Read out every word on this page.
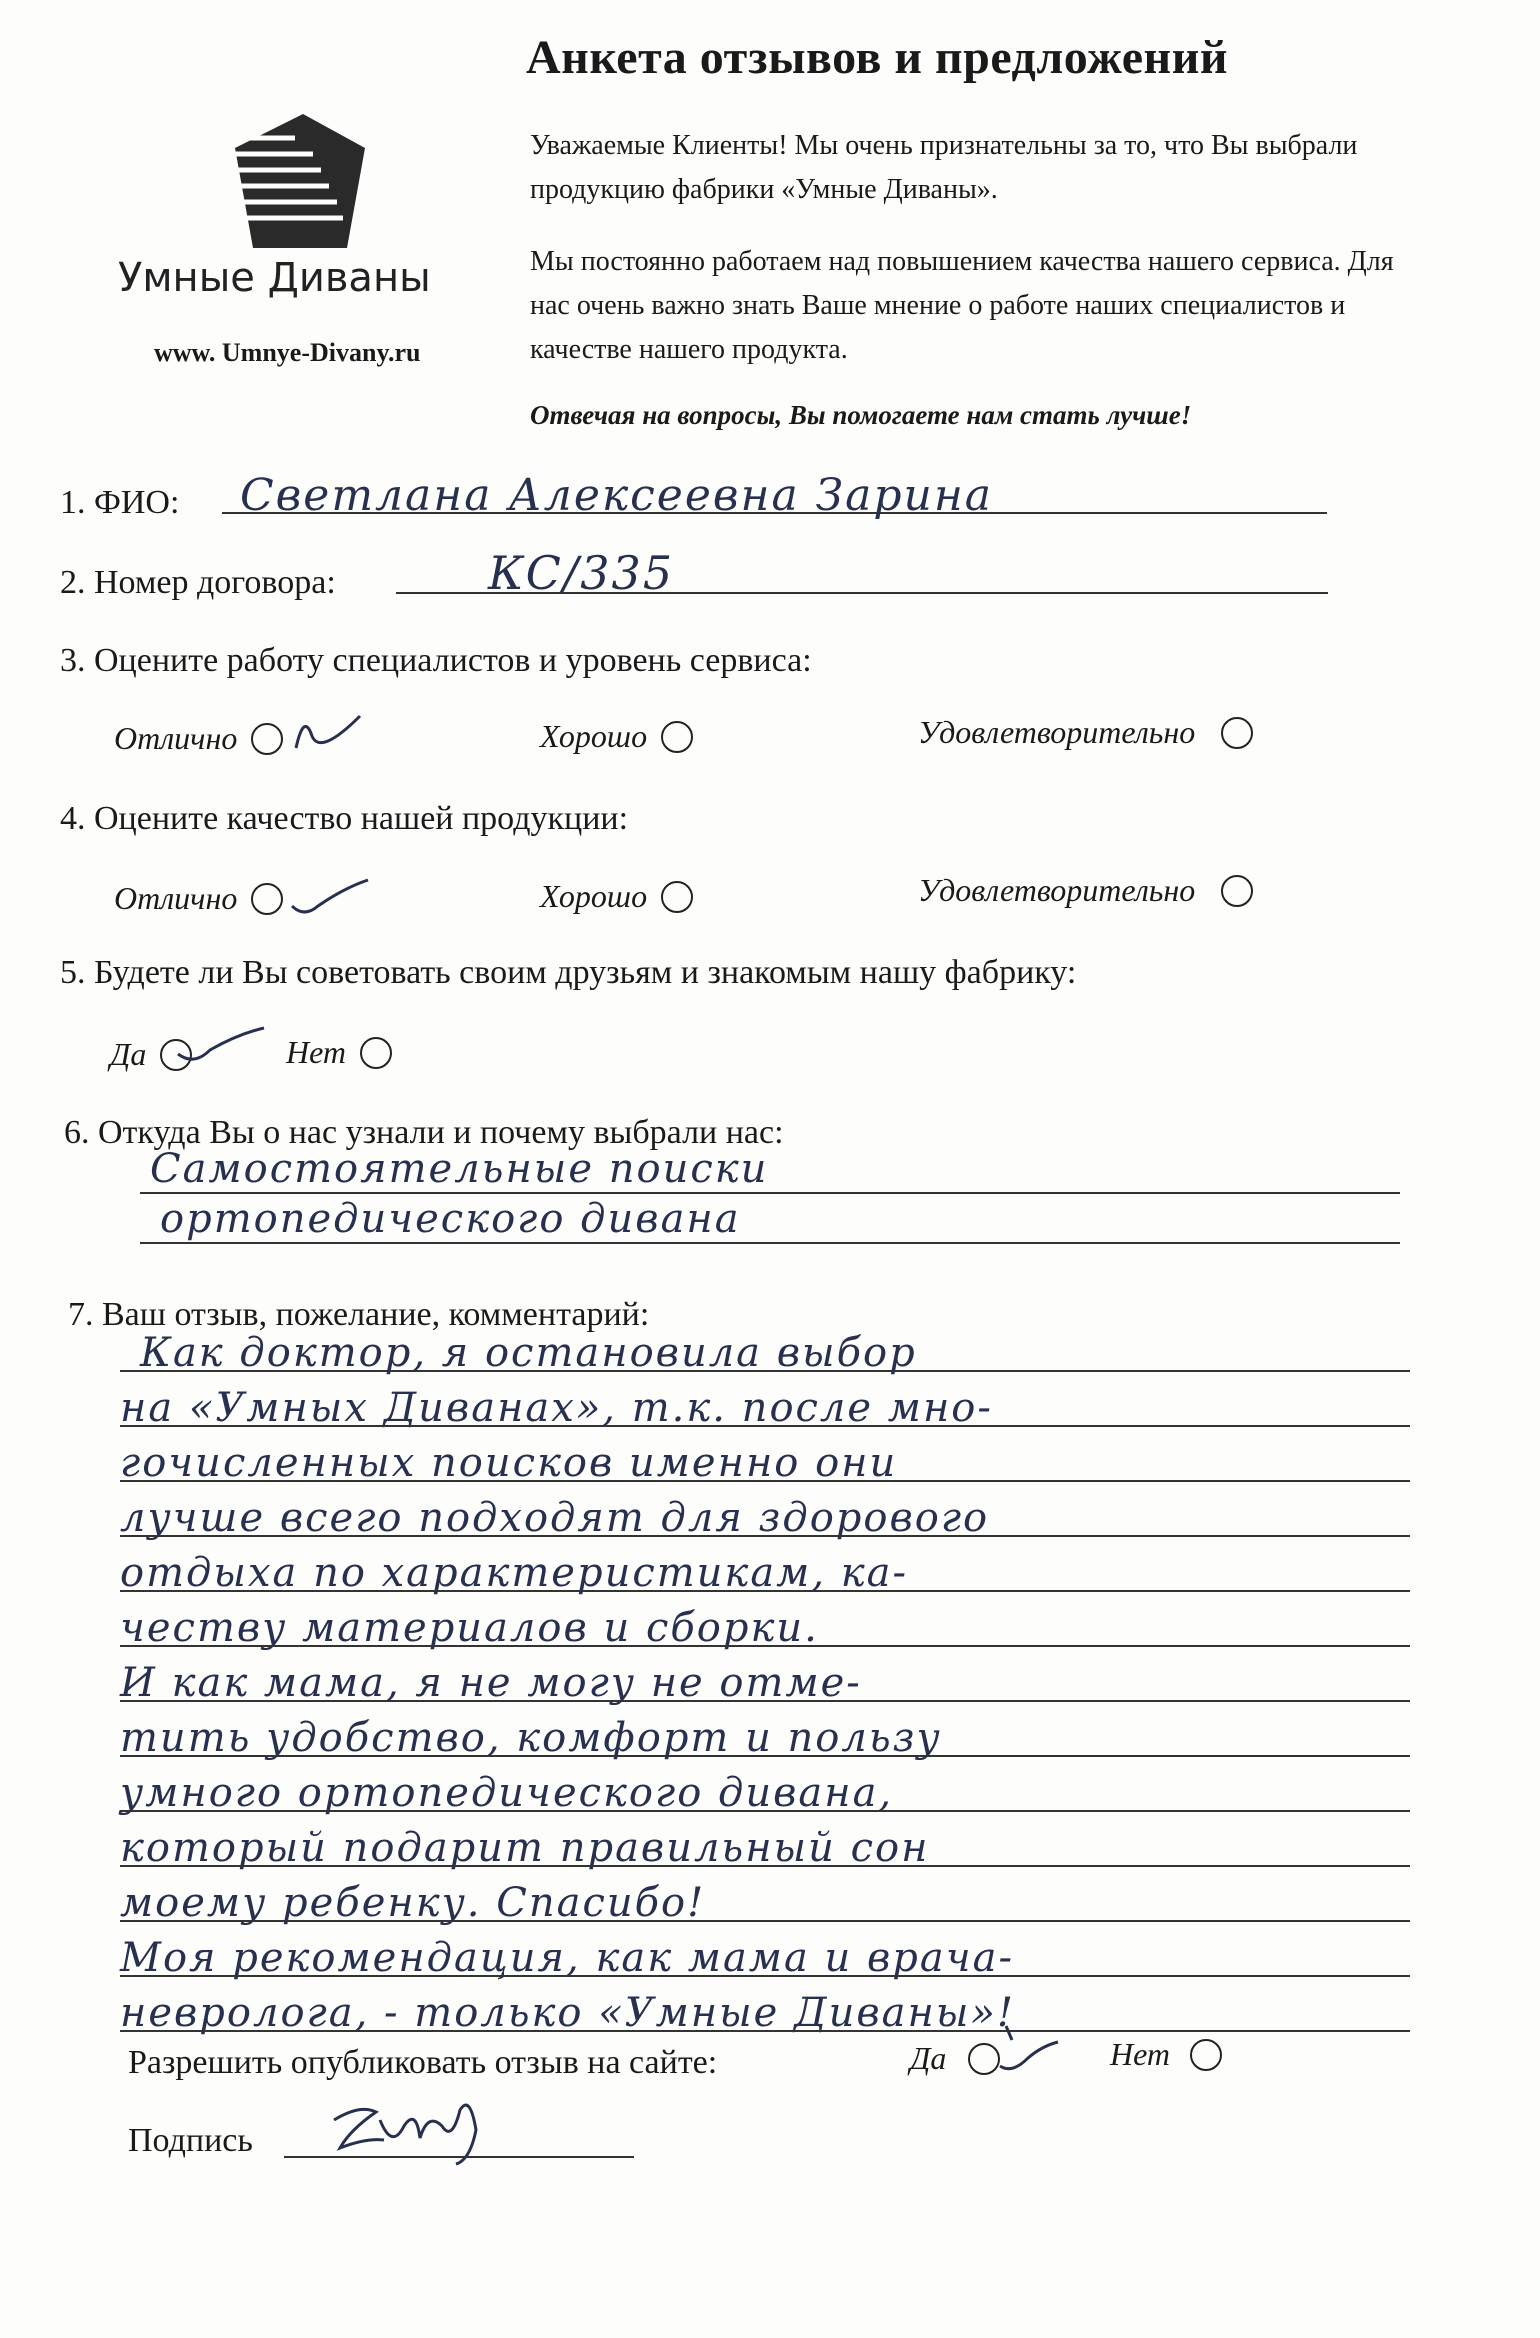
Анкета отзывов и предложений
Уважаемые Клиенты! Мы очень признательны за то, что Вы выбрали продукцию фабрики «Умные Диваны».
Мы постоянно работаем над повышением качества нашего сервиса. Для нас очень важно знать Ваше мнение о работе наших специалистов и качестве нашего продукта.
Отвечая на вопросы, Вы помогаете нам стать лучше!
Умные Диваны
www. Umnye-Divany.ru
1. ФИО: Светлана Алексеевна Зарина
2. Номер договора:	КС/335
3. Оцените работу специалистов и уровень сервиса:
Отлично	Хорошо	Удовлетворительно
4. Оцените качество нашей продукции:
Отлично	Хорошо	Удовлетворительно
5. Будете ли Вы советовать своим друзьям и знакомым нашу фабрику:
Да	Нет
6. Откуда Вы о нас узнали и почему выбрали нас:
Самостоятельные поиски
ортопедического дивана
7. Ваш отзыв, пожелание, комментарий:
Как доктор, я остановила выбор
на «Умных Диванах», т.к. после мно-
гочисленных поисков именно они
лучше всего подходят для здорового
отдыха по характеристикам, ка-
честву материалов и сборки.
И как мама, я не могу не отме-
тить удобство, комфорт и пользу
умного ортопедического дивана,
который подарит правильный сон
моему ребенку. Спасибо!
Моя рекомендация, как мама и врача-
невролога, - только «Умные Диваны»!
Разрешить опубликовать отзыв на сайте:	Да	Нет
Подпись
